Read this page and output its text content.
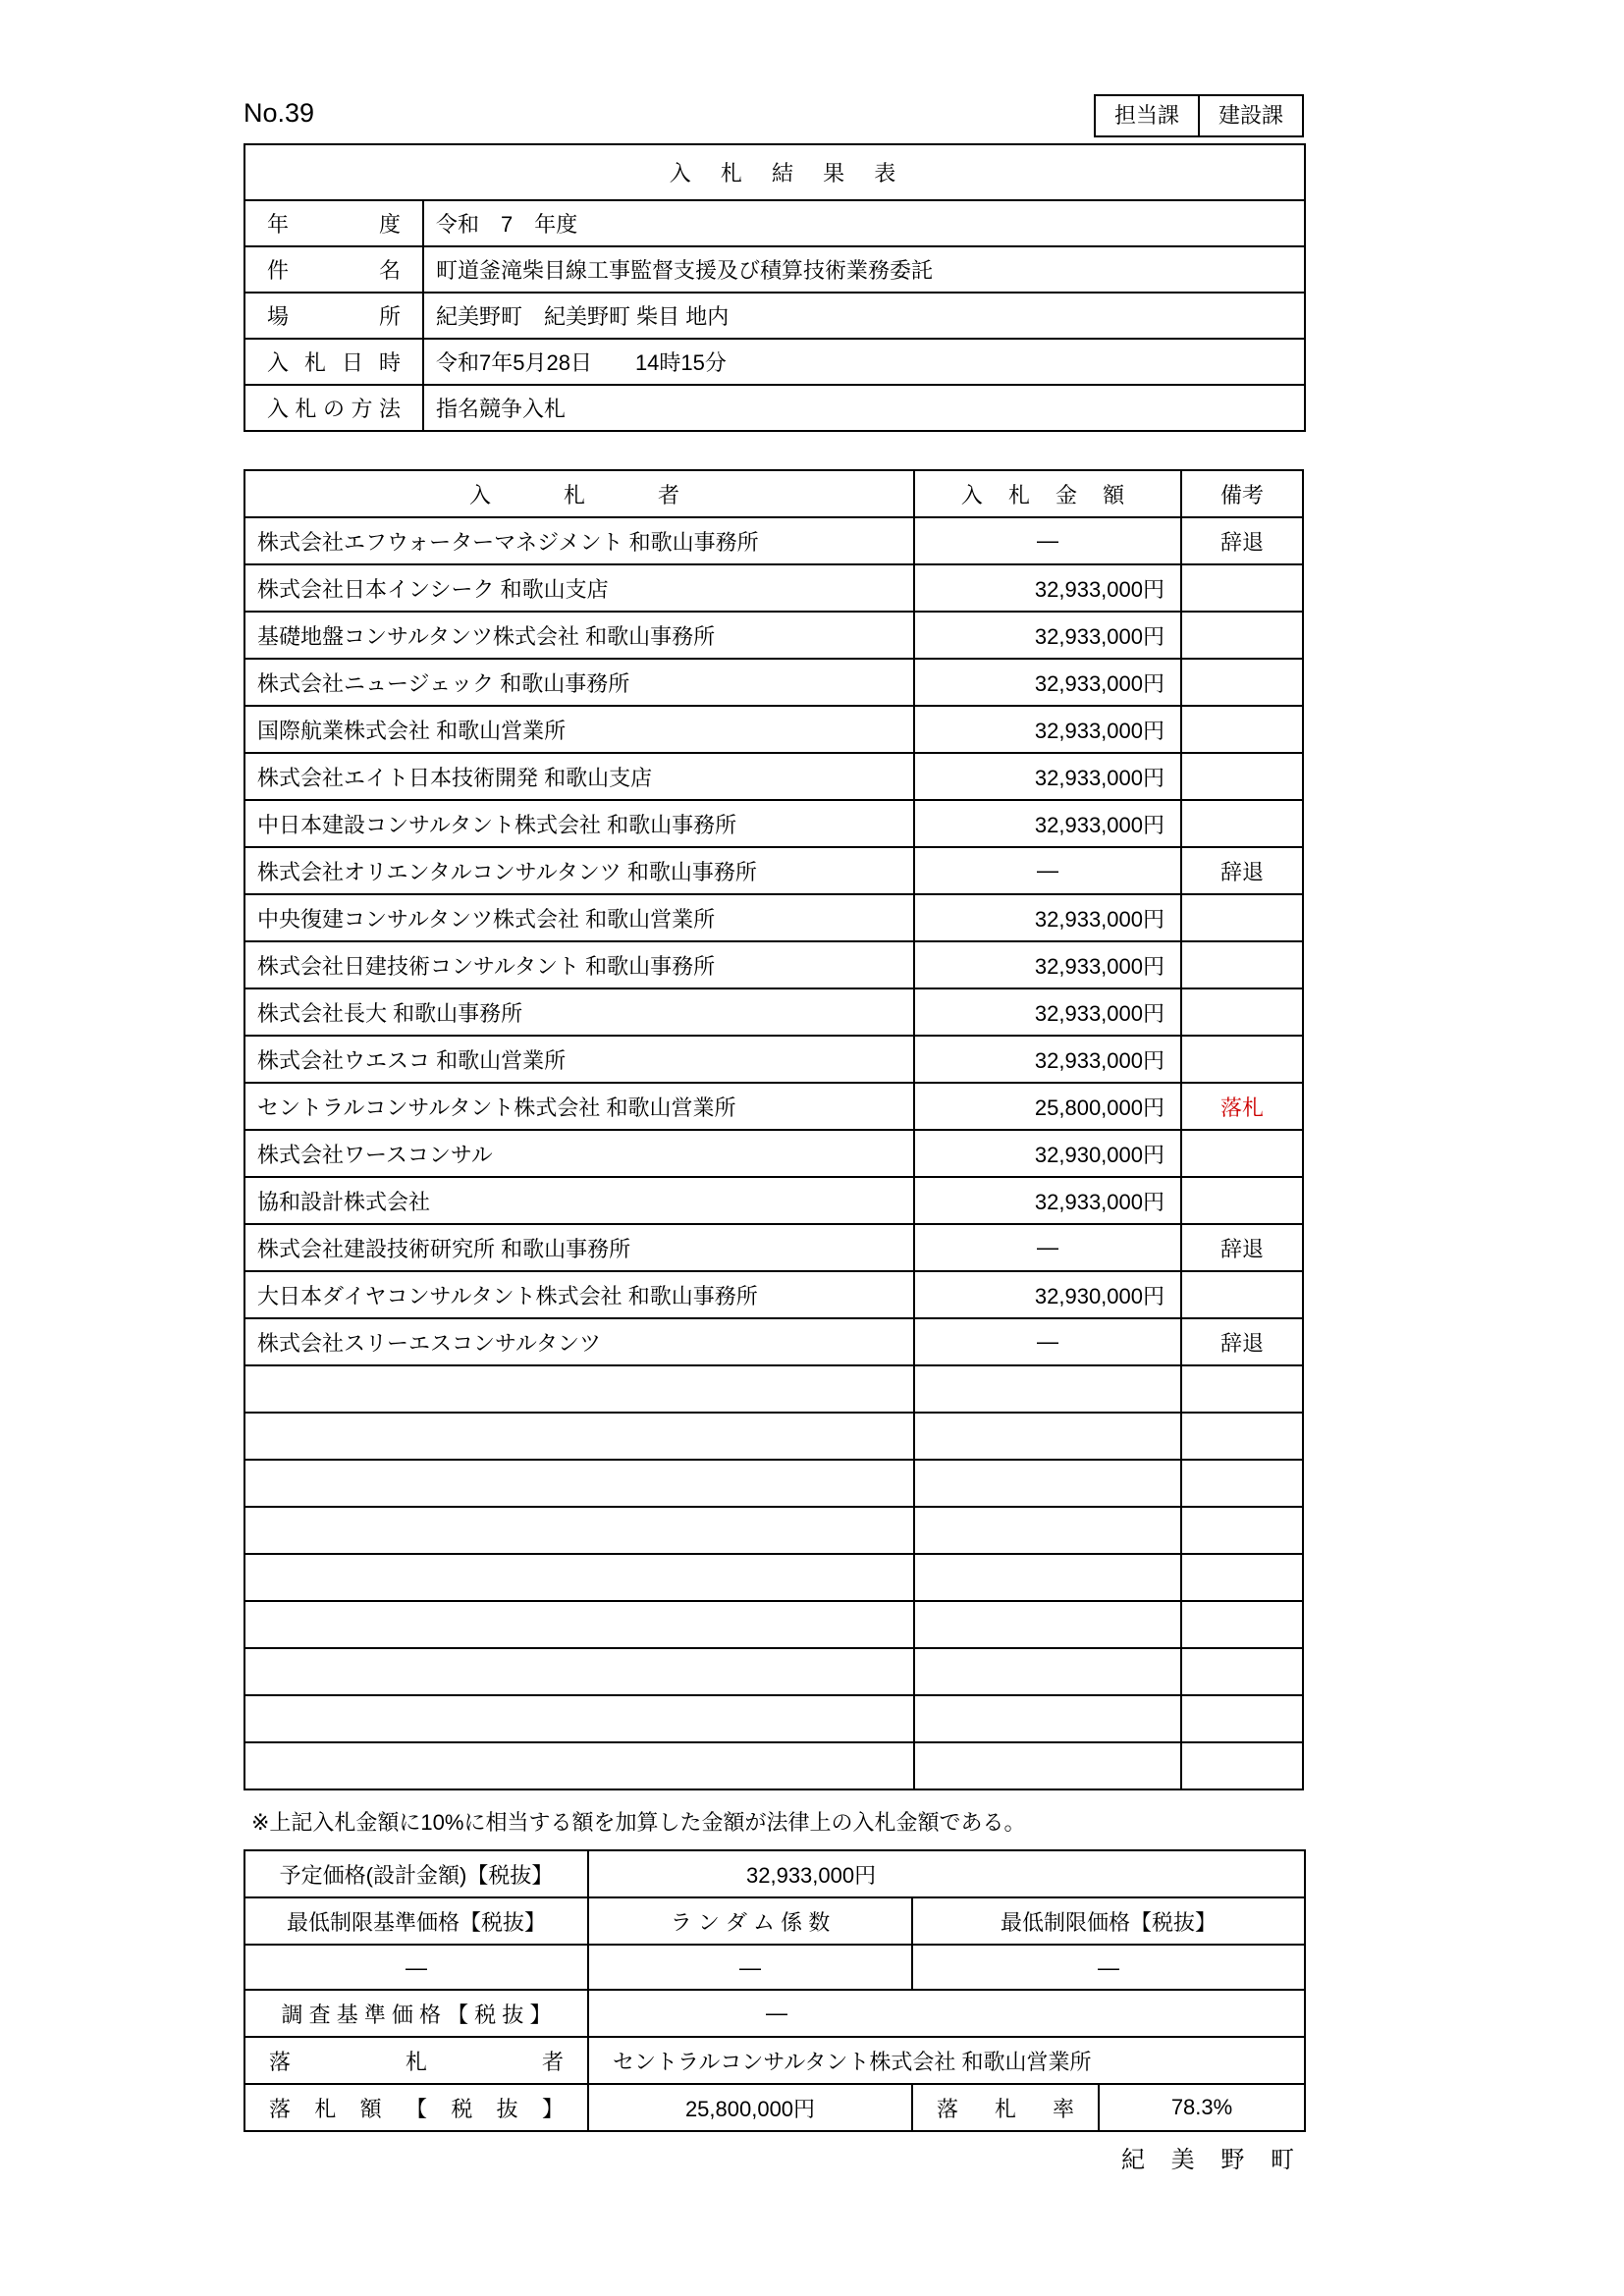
No.39	担当課	建設課
入 札 結 果 表	
年　　　度	令和　7　年度
件　　　名	町道釜滝柴目線工事監督支援及び積算技術業務委託
場　　　所	紀美野町　紀美野町 柴目 地内
入 札 日 時	令和7年5月28日　　14時15分
入 札 の 方 法	指名競争入札
入　　札　　者	入 札 金 額	備考
株式会社エフウォーターマネジメント 和歌山事務所	—	辞退
株式会社日本インシーク 和歌山支店	32,933,000円	
基礎地盤コンサルタンツ株式会社 和歌山事務所	32,933,000円	
株式会社ニュージェック 和歌山事務所	32,933,000円	
国際航業株式会社 和歌山営業所	32,933,000円	
株式会社エイト日本技術開発 和歌山支店	32,933,000円	
中日本建設コンサルタント株式会社 和歌山事務所	32,933,000円	
株式会社オリエンタルコンサルタンツ 和歌山事務所	—	辞退
中央復建コンサルタンツ株式会社 和歌山営業所	32,933,000円	
株式会社日建技術コンサルタント 和歌山事務所	32,933,000円	
株式会社長大 和歌山事務所	32,933,000円	
株式会社ウエスコ 和歌山営業所	32,933,000円	
セントラルコンサルタント株式会社 和歌山営業所	25,800,000円	落札
株式会社ワースコンサル	32,930,000円	
協和設計株式会社	32,933,000円	
株式会社建設技術研究所 和歌山事務所	—	辞退
大日本ダイヤコンサルタント株式会社 和歌山事務所	32,930,000円	
株式会社スリーエスコンサルタンツ	—	辞退

※上記入札金額に10%に相当する額を加算した金額が法律上の入札金額である。
予定価格(設計金額)【税抜】	32,933,000円
最低制限基準価格【税抜】	ラ ン ダ ム 係 数	最低制限価格【税抜】
—	—	—
調 査 基 準 価 格 【 税 抜 】	—
落　　　札　　　者	セントラルコンサルタント株式会社 和歌山営業所		
落 札 額 【 税 抜 】	25,800,000円	落 札 率	78.3%
紀 美 野 町
